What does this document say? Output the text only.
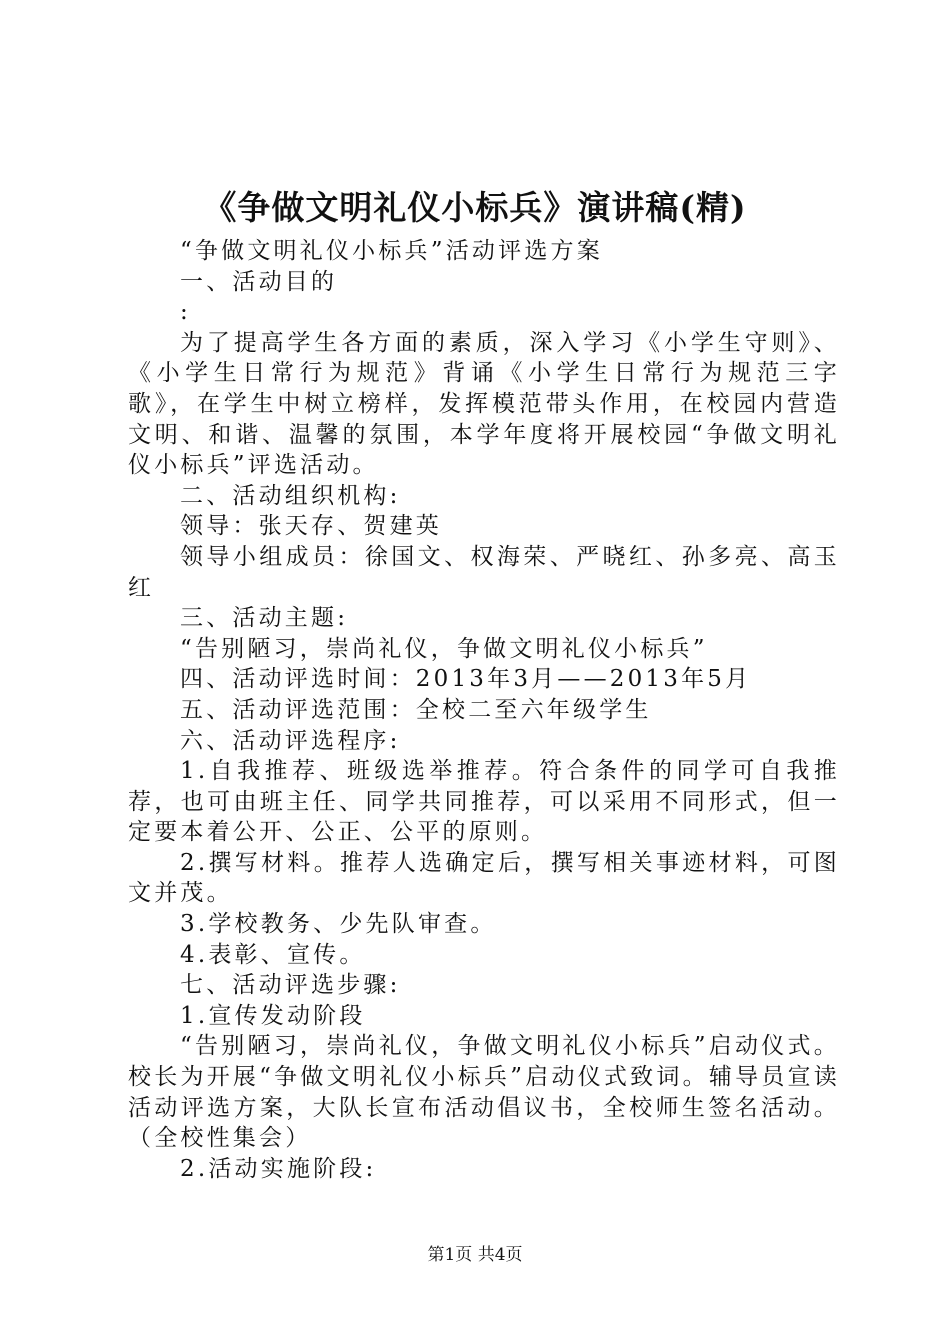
《争做文明礼仪小标兵》演讲稿(精)

“争做文明礼仪小标兵”活动评选方案

一、活动目的

:

为了提高学生各方面的素质，深入学习《小学生守则》、《小学生日常行为规范》背诵《小学生日常行为规范三字歌》，在学生中树立榜样，发挥模范带头作用，在校园内营造文明、和谐、温馨的氛围，本学年度将开展校园“争做文明礼仪小标兵”评选活动。

二、活动组织机构:

领导：张天存、贺建英

领导小组成员：徐国文、权海荣、严晓红、孙多亮、高玉红

三、活动主题:

“告别陋习，崇尚礼仪，争做文明礼仪小标兵”

四、活动评选时间：2013年3月——2013年5月

五、活动评选范围：全校二至六年级学生

六、活动评选程序:

1.自我推荐、班级选举推荐。符合条件的同学可自我推荐，也可由班主任、同学共同推荐，可以采用不同形式，但一定要本着公开、公正、公平的原则。

2.撰写材料。推荐人选确定后，撰写相关事迹材料，可图文并茂。

3.学校教务、少先队审查。

4.表彰、宣传。

七、活动评选步骤:

1.宣传发动阶段

“告别陋习，崇尚礼仪，争做文明礼仪小标兵”启动仪式。校长为开展“争做文明礼仪小标兵”启动仪式致词。辅导员宣读活动评选方案，大队长宣布活动倡议书，全校师生签名活动。（全校性集会）

2.活动实施阶段:

第1页 共4页
